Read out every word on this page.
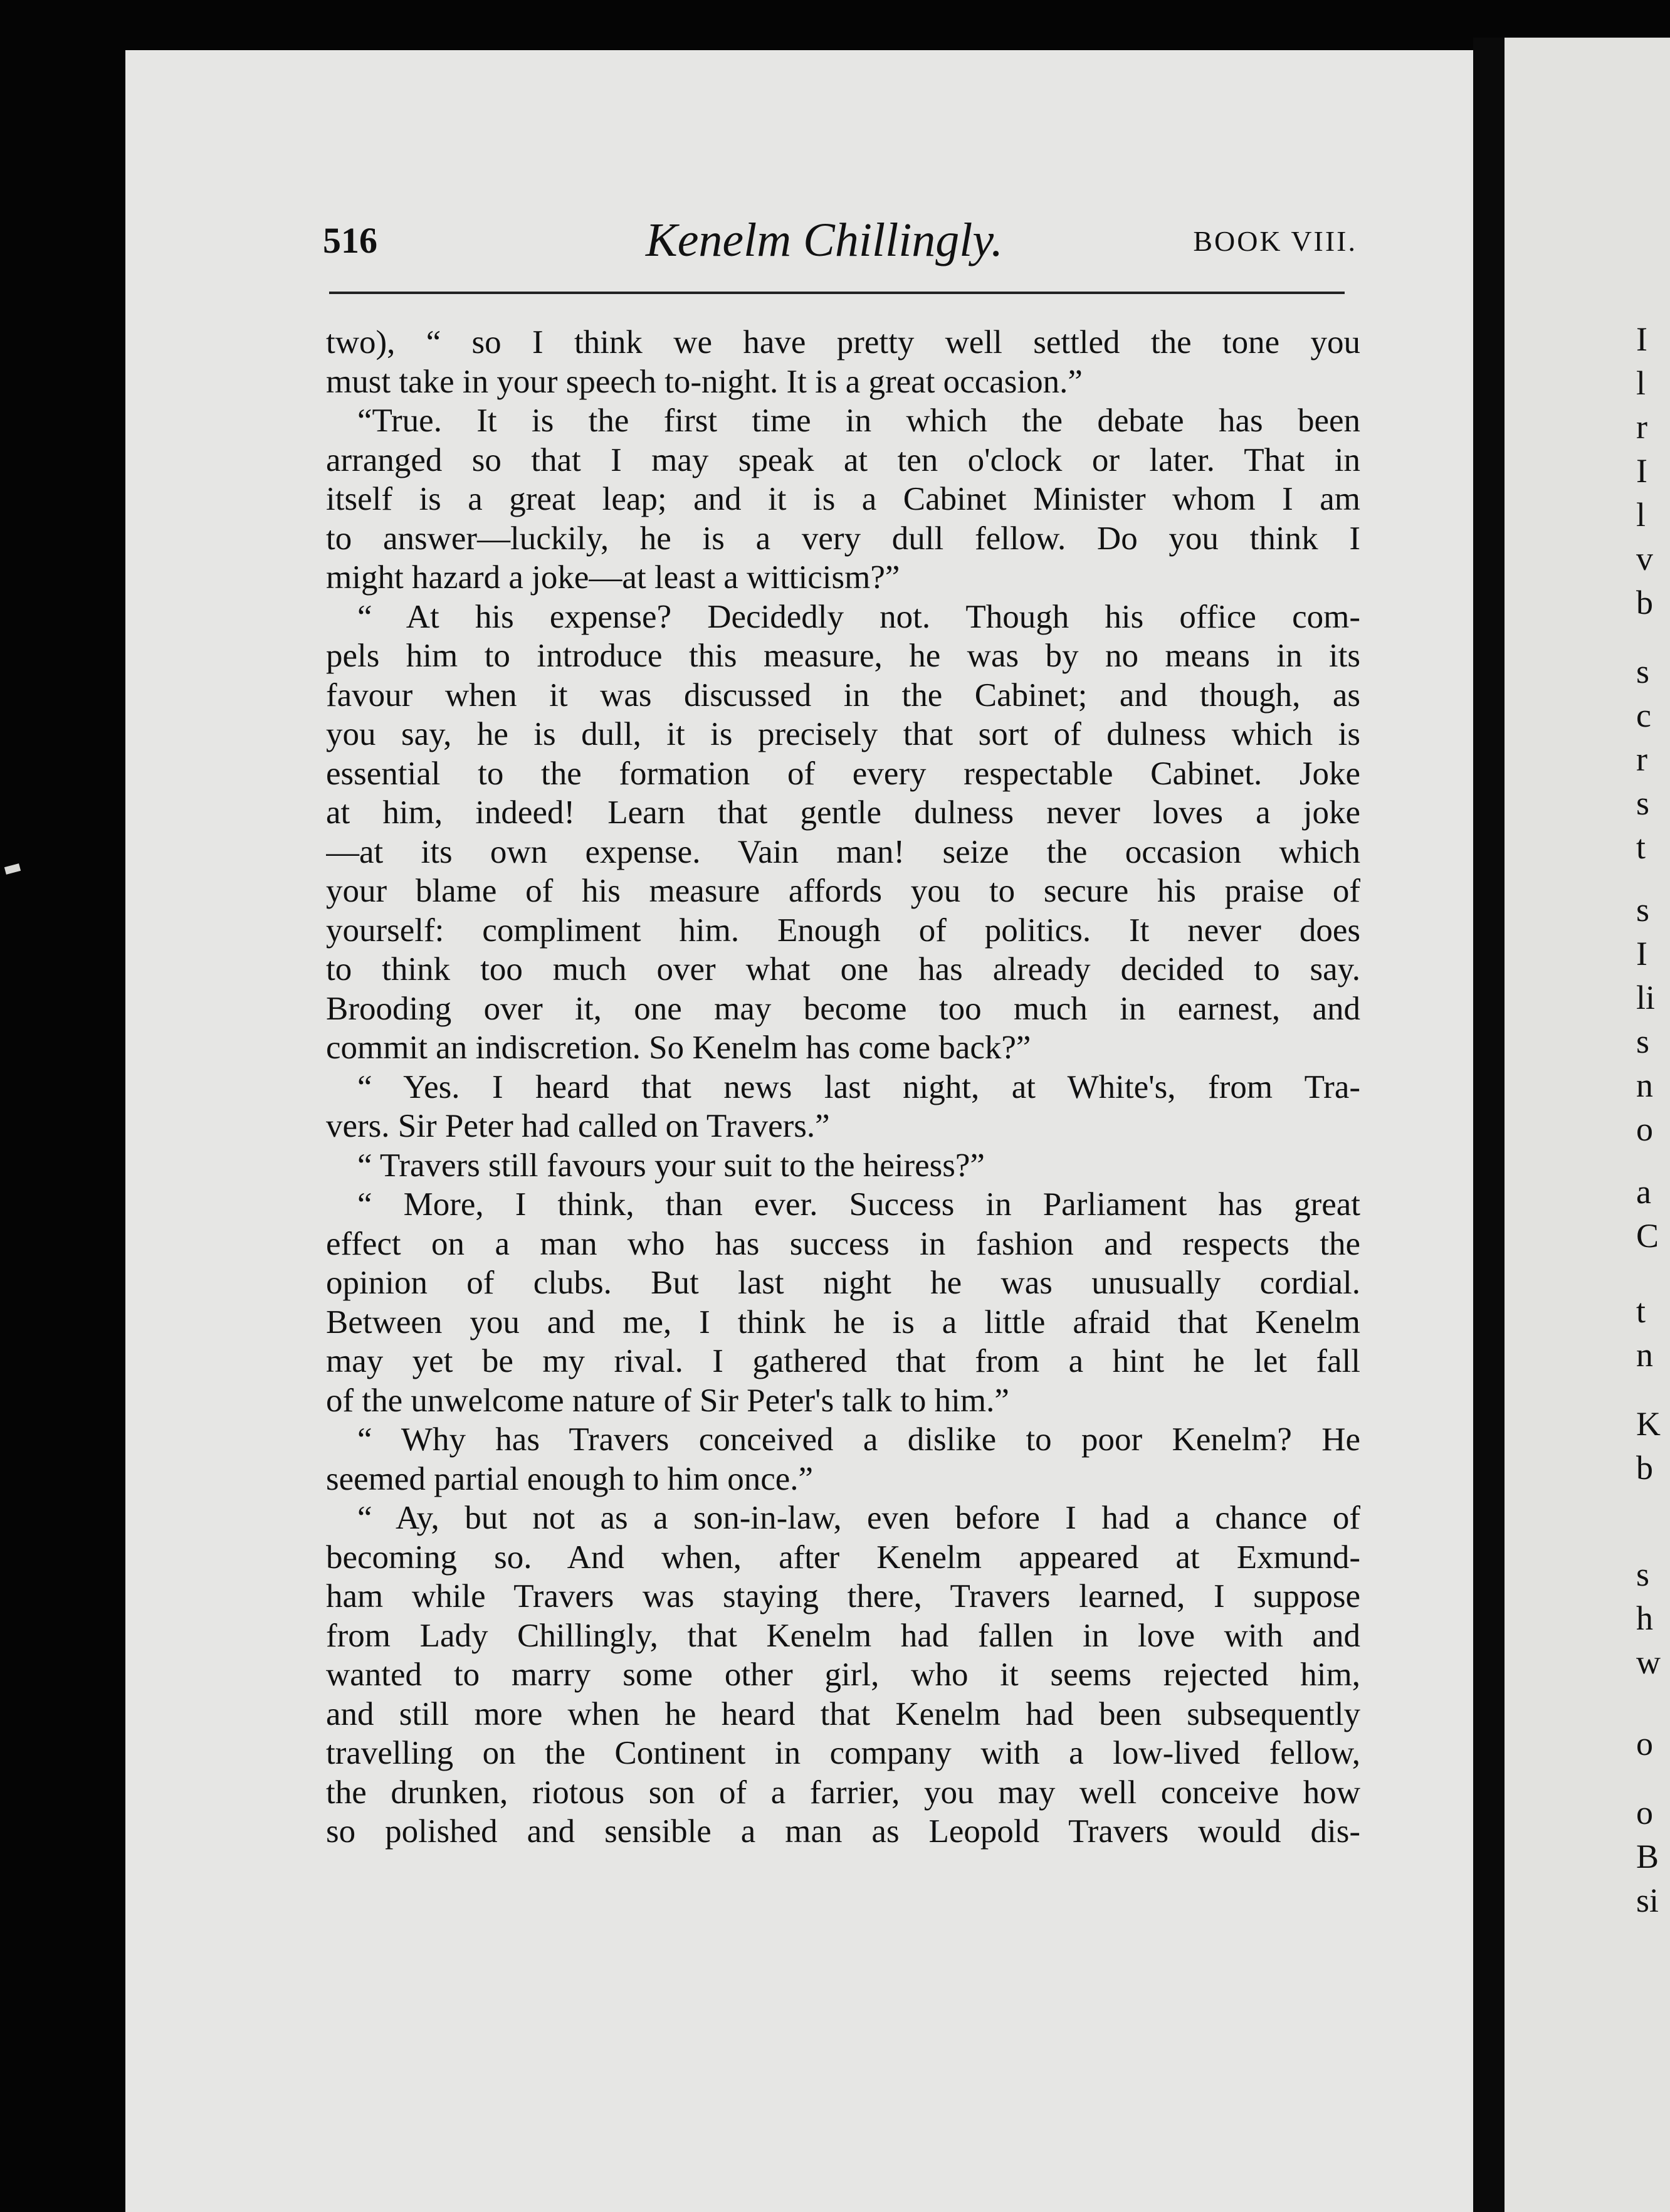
516	Kenelm Chillingly.	BOOK VIII.
two), “ so I think we have pretty well settled the tone you
must take in your speech to-night. It is a great occasion.”
“True. It is the first time in which the debate has been
arranged so that I may speak at ten o'clock or later. That in
itself is a great leap; and it is a Cabinet Minister whom I am
to answer—luckily, he is a very dull fellow. Do you think I
might hazard a joke—at least a witticism?”
“ At his expense? Decidedly not. Though his office com-
pels him to introduce this measure, he was by no means in its
favour when it was discussed in the Cabinet; and though, as
you say, he is dull, it is precisely that sort of dulness which is
essential to the formation of every respectable Cabinet. Joke
at him, indeed! Learn that gentle dulness never loves a joke
—at its own expense. Vain man! seize the occasion which
your blame of his measure affords you to secure his praise of
yourself: compliment him. Enough of politics. It never does
to think too much over what one has already decided to say.
Brooding over it, one may become too much in earnest, and
commit an indiscretion. So Kenelm has come back?”
“ Yes. I heard that news last night, at White's, from Tra-
vers. Sir Peter had called on Travers.”
“ Travers still favours your suit to the heiress?”
“ More, I think, than ever. Success in Parliament has great
effect on a man who has success in fashion and respects the
opinion of clubs. But last night he was unusually cordial.
Between you and me, I think he is a little afraid that Kenelm
may yet be my rival. I gathered that from a hint he let fall
of the unwelcome nature of Sir Peter's talk to him.”
“ Why has Travers conceived a dislike to poor Kenelm? He
seemed partial enough to him once.”
“ Ay, but not as a son-in-law, even before I had a chance of
becoming so. And when, after Kenelm appeared at Exmund-
ham while Travers was staying there, Travers learned, I suppose
from Lady Chillingly, that Kenelm had fallen in love with and
wanted to marry some other girl, who it seems rejected him,
and still more when he heard that Kenelm had been subsequently
travelling on the Continent in company with a low-lived fellow,
the drunken, riotous son of a farrier, you may well conceive how
so polished and sensible a man as Leopold Travers would dis-
I
l
r
I
l
v
b
s
c
r
s
t
s
I
li
s
n
o
a
C
t
n
K
b
s
h
w
o
o
B
si
